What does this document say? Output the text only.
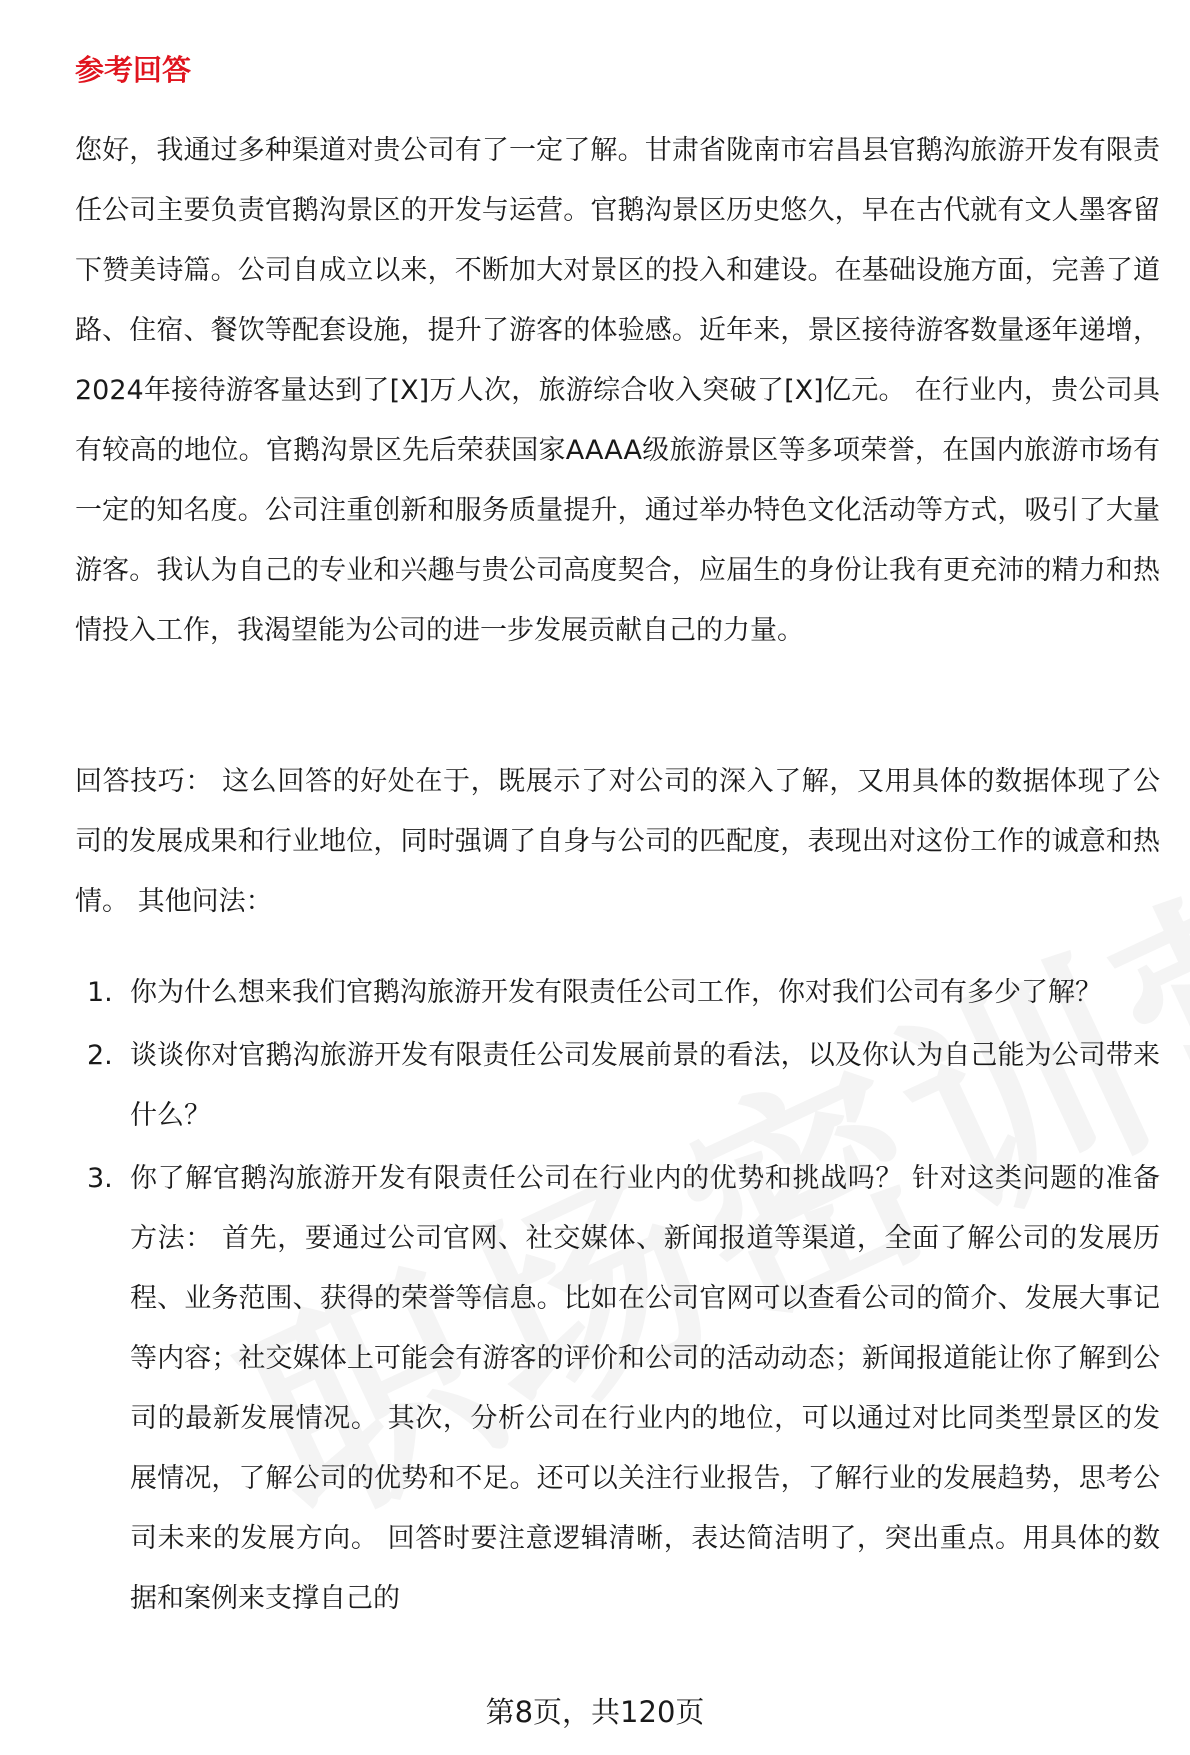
参考回答
您好，我通过多种渠道对贵公司有了一定了解。甘肃省陇南市宕昌县官鹅沟旅游开发有限责任公司主要负责官鹅沟景区的开发与运营。官鹅沟景区历史悠久，早在古代就有文人墨客留下赞美诗篇。公司自成立以来，不断加大对景区的投入和建设。在基础设施方面，完善了道路、住宿、餐饮等配套设施，提升了游客的体验感。近年来，景区接待游客数量逐年递增，2024年接待游客量达到了[X]万人次，旅游综合收入突破了[X]亿元。 在行业内，贵公司具有较高的地位。官鹅沟景区先后荣获国家AAAA级旅游景区等多项荣誉，在国内旅游市场有一定的知名度。公司注重创新和服务质量提升，通过举办特色文化活动等方式，吸引了大量游客。我认为自己的专业和兴趣与贵公司高度契合，应届生的身份让我有更充沛的精力和热情投入工作，我渴望能为公司的进一步发展贡献自己的力量。
回答技巧： 这么回答的好处在于，既展示了对公司的深入了解，又用具体的数据体现了公司的发展成果和行业地位，同时强调了自身与公司的匹配度，表现出对这份工作的诚意和热情。 其他问法：
1. 你为什么想来我们官鹅沟旅游开发有限责任公司工作，你对我们公司有多少了解？
2. 谈谈你对官鹅沟旅游开发有限责任公司发展前景的看法，以及你认为自己能为公司带来什么？
3. 你了解官鹅沟旅游开发有限责任公司在行业内的优势和挑战吗？ 针对这类问题的准备方法： 首先，要通过公司官网、社交媒体、新闻报道等渠道，全面了解公司的发展历程、业务范围、获得的荣誉等信息。比如在公司官网可以查看公司的简介、发展大事记等内容；社交媒体上可能会有游客的评价和公司的活动动态；新闻报道能让你了解到公司的最新发展情况。 其次，分析公司在行业内的地位，可以通过对比同类型景区的发展情况，了解公司的优势和不足。还可以关注行业报告，了解行业的发展趋势，思考公司未来的发展方向。 回答时要注意逻辑清晰，表达简洁明了，突出重点。用具体的数据和案例来支撑自己的
第8页，共120页
